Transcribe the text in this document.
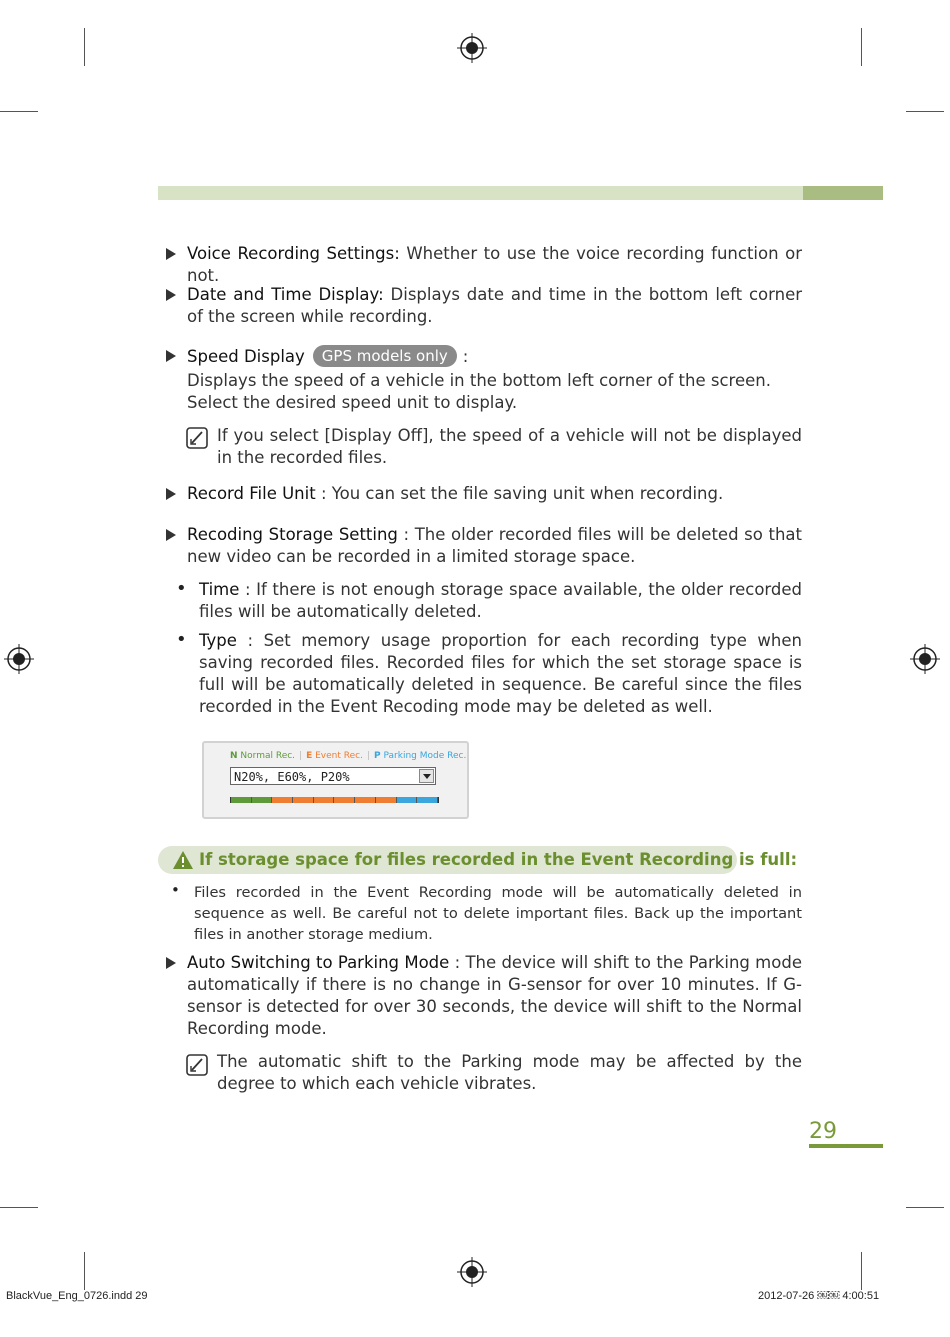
Voice Recording Settings: Whether to use the voice recording function or not.
Date and Time Display: Displays date and time in the bottom left corner of the screen while recording.
Speed Display GPS models only :
Displays the speed of a vehicle in the bottom left corner of the screen.
Select the desired speed unit to display.
If you select [Display Off], the speed of a vehicle will not be displayed in the recorded files.
Record File Unit : You can set the file saving unit when recording.
Recoding Storage Setting : The older recorded files will be deleted so that new video can be recorded in a limited storage space.
• Time : If there is not enough storage space available, the older recorded files will be automatically deleted.
• Type : Set memory usage proportion for each recording type when saving recorded files. Recorded files for which the set storage space is full will be automatically deleted in sequence. Be careful since the files recorded in the Event Recoding mode may be deleted as well.
N Normal Rec. | E Event Rec. | P Parking Mode Rec.
N20%, E60%, P20%
If storage space for files recorded in the Event Recording is full:
• Files recorded in the Event Recording mode will be automatically deleted in sequence as well. Be careful not to delete important files. Back up the important files in another storage medium.
Auto Switching to Parking Mode : The device will shift to the Parking mode automatically if there is no change in G-sensor for over 10 minutes. If G-sensor is detected for over 30 seconds, the device will shift to the Normal Recording mode.
The automatic shift to the Parking mode may be affected by the degree to which each vehicle vibrates.
29
BlackVue_Eng_0726.indd 29	2012-07-26 ￼￼ 4:00:51
